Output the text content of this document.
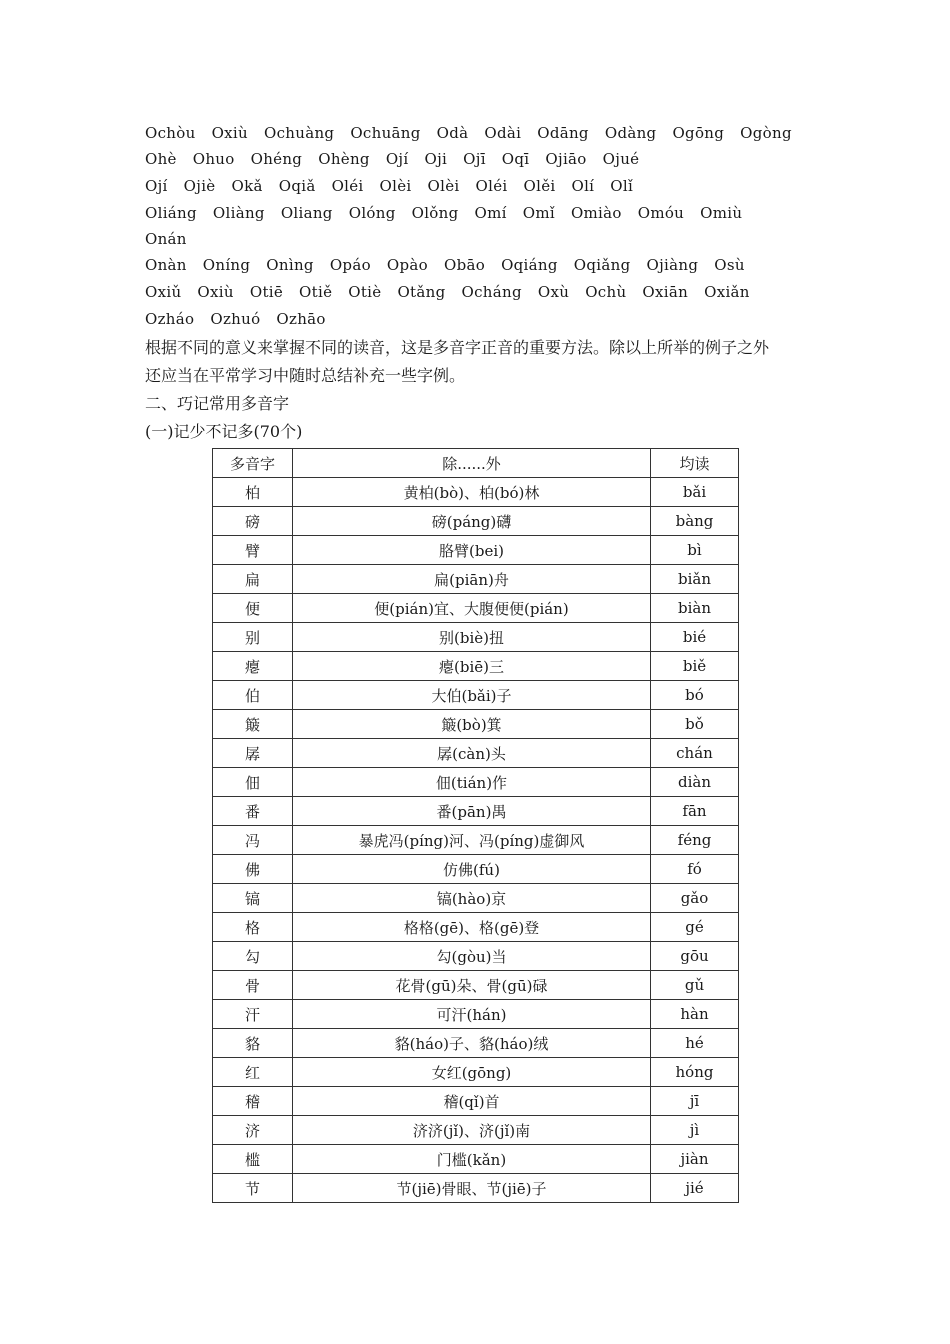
Ochòu Oxiù Ochuàng Ochuāng Odà Odài Odāng Odàng Ogōng Ogòng
Ohè Ohuo Ohéng Ohèng Ojí Oji Ojī Oqī Ojiāo Ojué
Ojí Ojiè Okǎ Oqiǎ Oléi Olèi Olèi Oléi Olěi Olí Olǐ
Oliáng Oliàng Oliang Olóng Olǒng Omí Omǐ Omiào Omóu Omiù
Onán
Onàn Oníng Onìng Opáo Opào Obāo Oqiáng Oqiǎng Ojiàng Osù
Oxiǔ Oxiù Otiē Otiě Otiè Otǎng Ocháng Oxù Ochù Oxiān Oxiǎn
Ozháo Ozhuó Ozhāo
根据不同的意义来掌握不同的读音，这是多音字正音的重要方法。除以上所举的例子之外
还应当在平常学习中随时总结补充一些字例。
二、巧记常用多音字
(一)记少不记多(70个)
多音字	除......外	均读
柏	黄柏(bò)、柏(bó)林	bǎi
磅	磅(páng)礴	bàng
臂	胳臂(bei)	bì
扁	扁(piān)舟	biǎn
便	便(pián)宜、大腹便便(pián)	biàn
别	别(biè)扭	bié
瘪	瘪(biē)三	biě
伯	大伯(bǎi)子	bó
簸	簸(bò)箕	bǒ
孱	孱(càn)头	chán
佃	佃(tián)作	diàn
番	番(pān)禺	fān
冯	暴虎冯(píng)河、冯(píng)虚御风	féng
佛	仿佛(fú)	fó
镐	镐(hào)京	gǎo
格	格格(gē)、格(gē)登	gé
勾	勾(gòu)当	gōu
骨	花骨(gū)朵、骨(gū)碌	gǔ
汗	可汗(hán)	hàn
貉	貉(háo)子、貉(háo)绒	hé
红	女红(gōng)	hóng
稽	稽(qǐ)首	jī
济	济济(jǐ)、济(jǐ)南	jì
槛	门槛(kǎn)	jiàn
节	节(jiē)骨眼、节(jiē)子	jié
